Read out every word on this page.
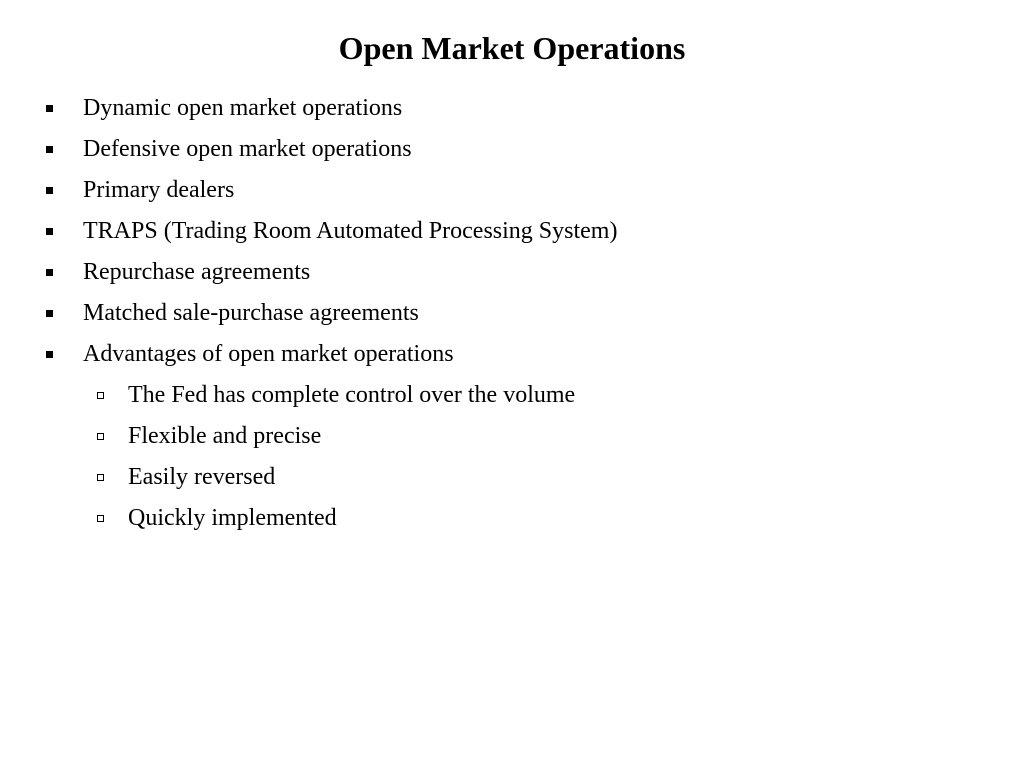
Open Market Operations
Dynamic open market operations
Defensive open market operations
Primary dealers
TRAPS (Trading Room Automated Processing System)
Repurchase agreements
Matched sale-purchase agreements
Advantages of open market operations
The Fed has complete control over the volume
Flexible and precise
Easily reversed
Quickly implemented
